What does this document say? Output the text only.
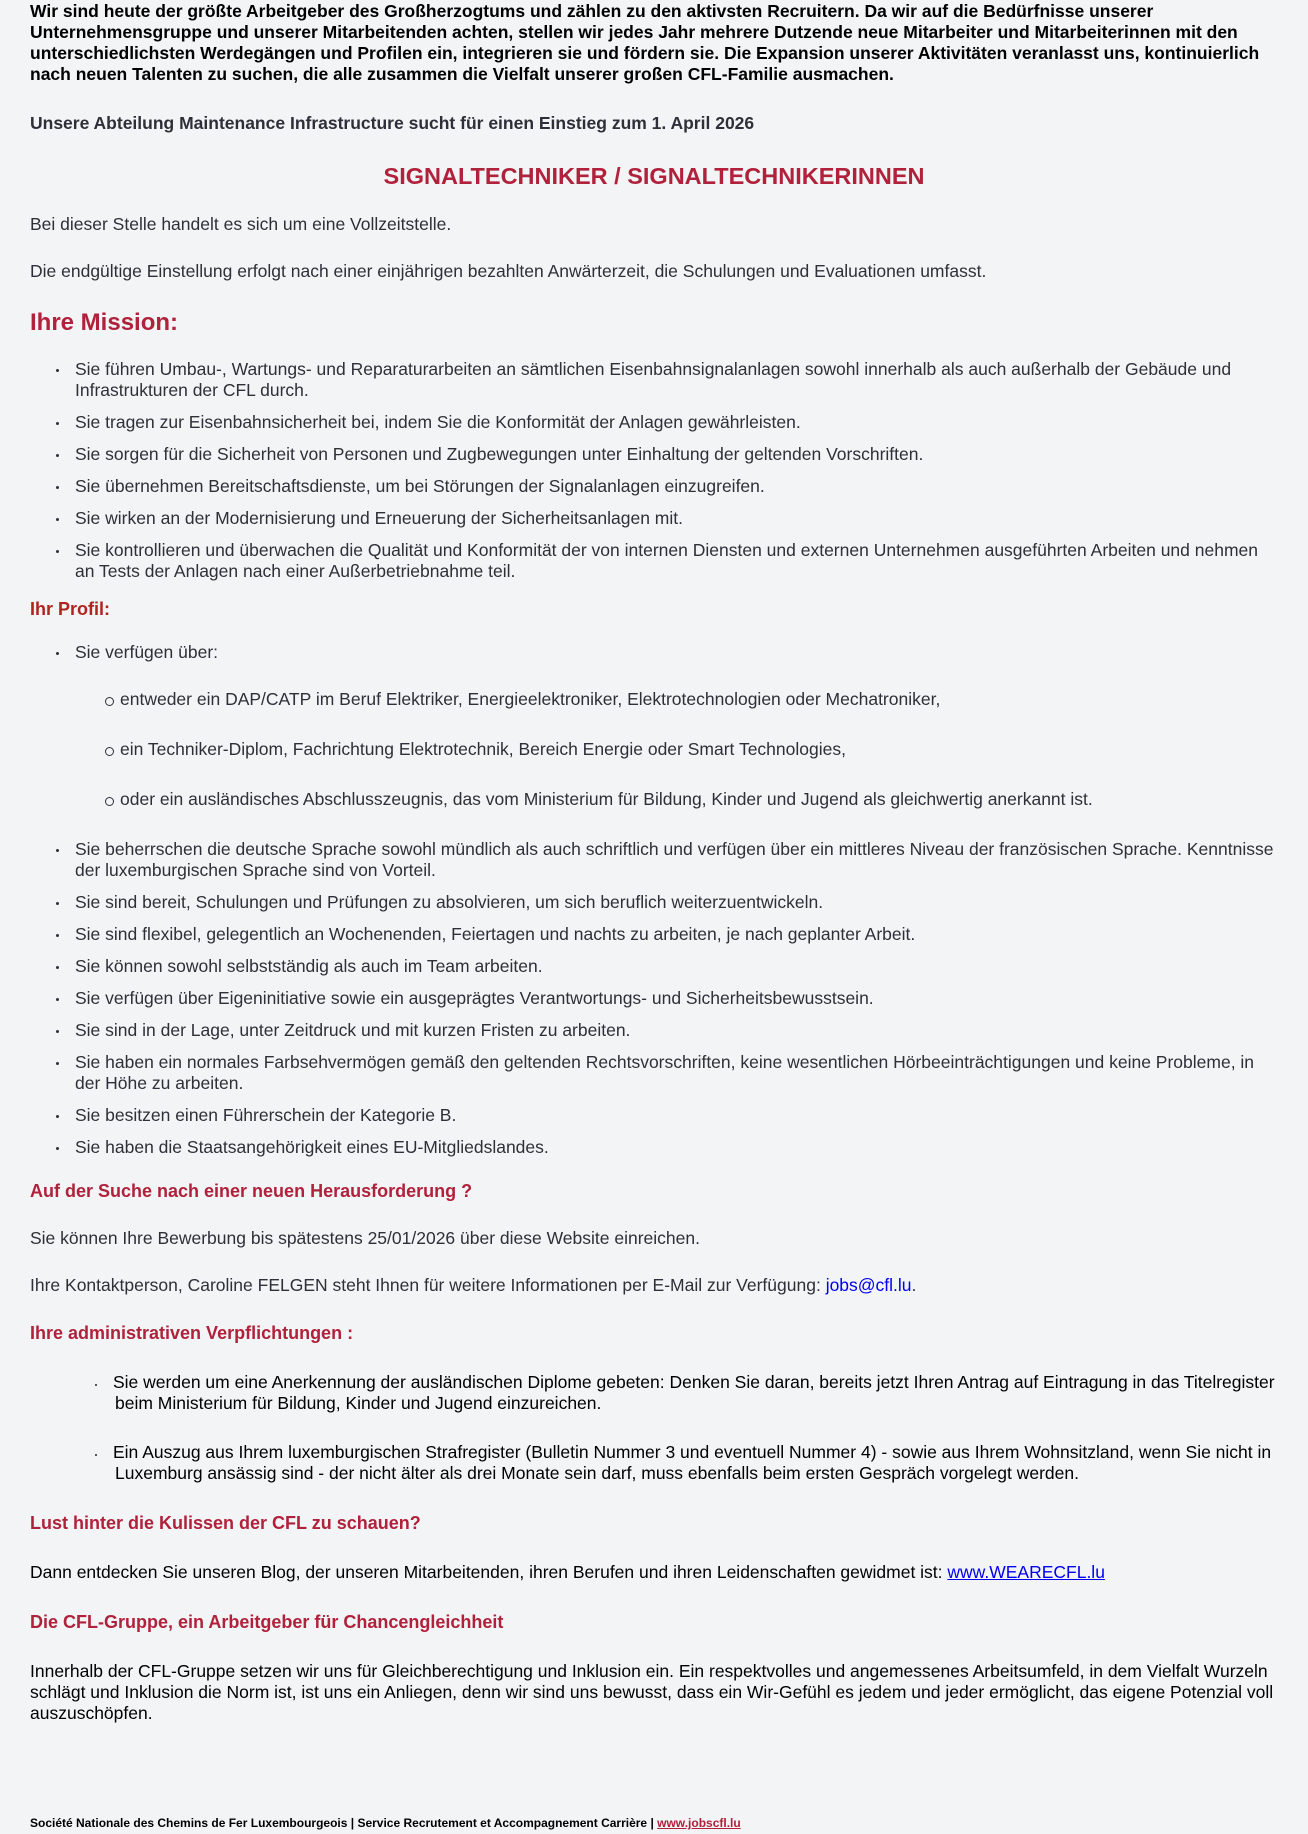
Wir sind heute der größte Arbeitgeber des Großherzogtums und zählen zu den aktivsten Recruitern. Da wir auf die Bedürfnisse unserer Unternehmensgruppe und unserer Mitarbeitenden achten, stellen wir jedes Jahr mehrere Dutzende neue Mitarbeiter und Mitarbeiterinnen mit den unterschiedlichsten Werdegängen und Profilen ein, integrieren sie und fördern sie. Die Expansion unserer Aktivitäten veranlasst uns, kontinuierlich nach neuen Talenten zu suchen, die alle zusammen die Vielfalt unserer großen CFL-Familie ausmachen.

Unsere Abteilung Maintenance Infrastructure sucht für einen Einstieg zum 1. April 2026

SIGNALTECHNIKER / SIGNALTECHNIKERINNEN

Bei dieser Stelle handelt es sich um eine Vollzeitstelle.

Die endgültige Einstellung erfolgt nach einer einjährigen bezahlten Anwärterzeit, die Schulungen und Evaluationen umfasst.

Ihre Mission:
Sie führen Umbau-, Wartungs- und Reparaturarbeiten an sämtlichen Eisenbahnsignalanlagen sowohl innerhalb als auch außerhalb der Gebäude und Infrastrukturen der CFL durch.
Sie tragen zur Eisenbahnsicherheit bei, indem Sie die Konformität der Anlagen gewährleisten.
Sie sorgen für die Sicherheit von Personen und Zugbewegungen unter Einhaltung der geltenden Vorschriften.
Sie übernehmen Bereitschaftsdienste, um bei Störungen der Signalanlagen einzugreifen.
Sie wirken an der Modernisierung und Erneuerung der Sicherheitsanlagen mit.
Sie kontrollieren und überwachen die Qualität und Konformität der von internen Diensten und externen Unternehmen ausgeführten Arbeiten und nehmen an Tests der Anlagen nach einer Außerbetriebnahme teil.
Ihr Profil:
Sie verfügen über:
entweder ein DAP/CATP im Beruf Elektriker, Energieelektroniker, Elektrotechnologien oder Mechatroniker,
ein Techniker-Diplom, Fachrichtung Elektrotechnik, Bereich Energie oder Smart Technologies,
oder ein ausländisches Abschlusszeugnis, das vom Ministerium für Bildung, Kinder und Jugend als gleichwertig anerkannt ist.
Sie beherrschen die deutsche Sprache sowohl mündlich als auch schriftlich und verfügen über ein mittleres Niveau der französischen Sprache. Kenntnisse der luxemburgischen Sprache sind von Vorteil.
Sie sind bereit, Schulungen und Prüfungen zu absolvieren, um sich beruflich weiterzuentwickeln.
Sie sind flexibel, gelegentlich an Wochenenden, Feiertagen und nachts zu arbeiten, je nach geplanter Arbeit.
Sie können sowohl selbstständig als auch im Team arbeiten.
Sie verfügen über Eigeninitiative sowie ein ausgeprägtes Verantwortungs- und Sicherheitsbewusstsein.
Sie sind in der Lage, unter Zeitdruck und mit kurzen Fristen zu arbeiten.
Sie haben ein normales Farbsehvermögen gemäß den geltenden Rechtsvorschriften, keine wesentlichen Hörbeeinträchtigungen und keine Probleme, in der Höhe zu arbeiten.
Sie besitzen einen Führerschein der Kategorie B.
Sie haben die Staatsangehörigkeit eines EU-Mitgliedslandes.
Auf der Suche nach einer neuen Herausforderung ?

Sie können Ihre Bewerbung bis spätestens 25/01/2026 über diese Website einreichen.

Ihre Kontaktperson, Caroline FELGEN steht Ihnen für weitere Informationen per E-Mail zur Verfügung: jobs@cfl.lu.

Ihre administrativen Verpflichtungen :
Sie werden um eine Anerkennung der ausländischen Diplome gebeten: Denken Sie daran, bereits jetzt Ihren Antrag auf Eintragung in das Titelregister beim Ministerium für Bildung, Kinder und Jugend einzureichen.
Ein Auszug aus Ihrem luxemburgischen Strafregister (Bulletin Nummer 3 und eventuell Nummer 4) - sowie aus Ihrem Wohnsitzland, wenn Sie nicht in Luxemburg ansässig sind - der nicht älter als drei Monate sein darf, muss ebenfalls beim ersten Gespräch vorgelegt werden.
Lust hinter die Kulissen der CFL zu schauen?

Dann entdecken Sie unseren Blog, der unseren Mitarbeitenden, ihren Berufen und ihren Leidenschaften gewidmet ist: www.WEARECFL.lu

Die CFL-Gruppe, ein Arbeitgeber für Chancengleichheit

Innerhalb der CFL-Gruppe setzen wir uns für Gleichberechtigung und Inklusion ein. Ein respektvolles und angemessenes Arbeitsumfeld, in dem Vielfalt Wurzeln schlägt und Inklusion die Norm ist, ist uns ein Anliegen, denn wir sind uns bewusst, dass ein Wir-Gefühl es jedem und jeder ermöglicht, das eigene Potenzial voll auszuschöpfen.

Société Nationale des Chemins de Fer Luxembourgeois | Service Recrutement et Accompagnement Carrière | www.jobscfl.lu
